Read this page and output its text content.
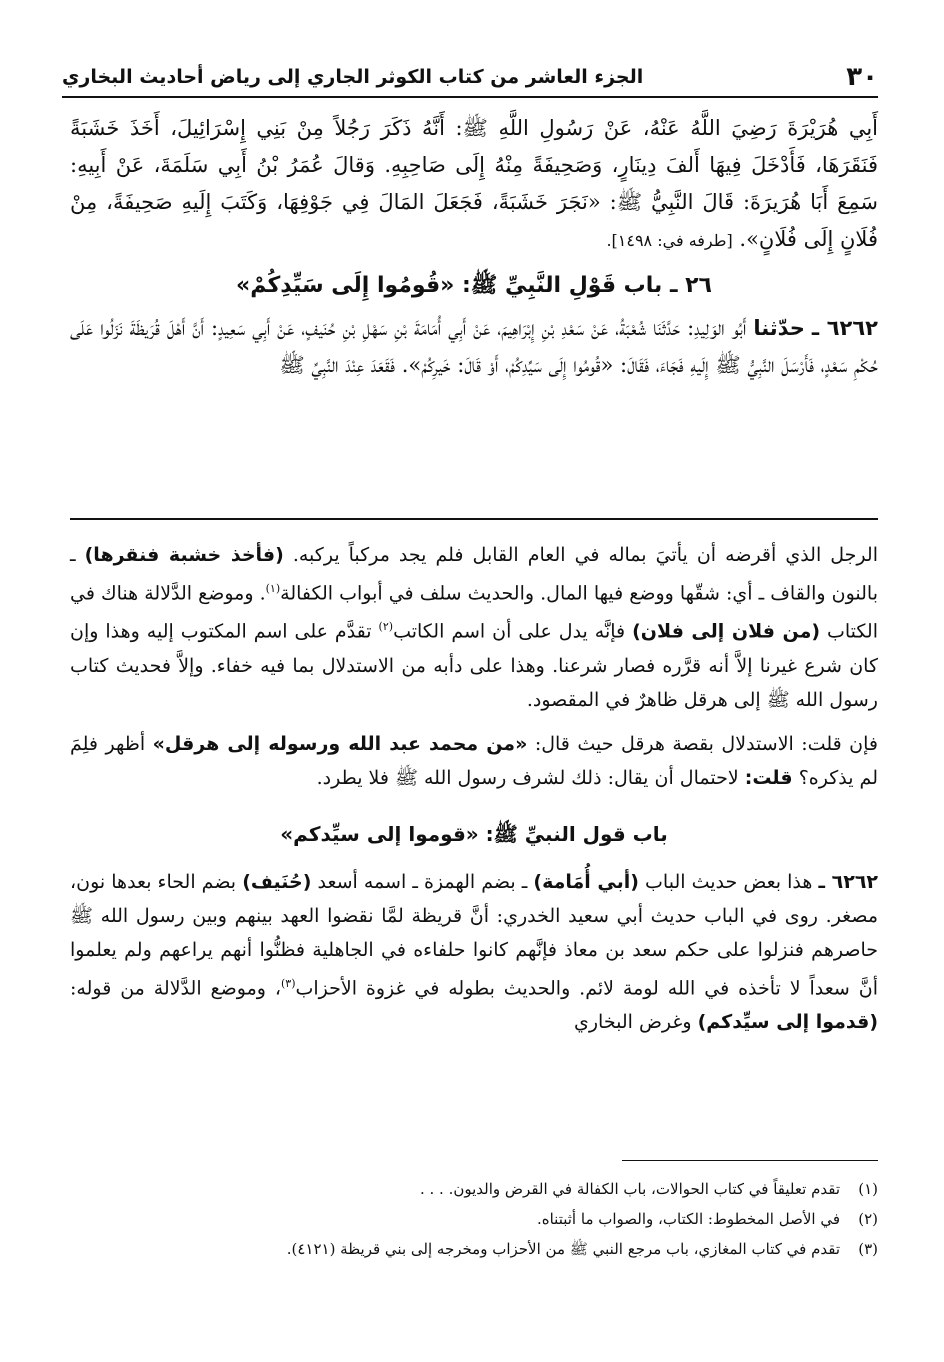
٣٠
الجزء العاشر من كتاب الكوثر الجاري إلى رياض أحاديث البخاري

أَبِي هُرَيْرَةَ رَضِيَ اللَّهُ عَنْهُ، عَنْ رَسُولِ اللَّهِ ﷺ: أَنَّهُ ذَكَرَ رَجُلاً مِنْ بَنِي إِسْرَائِيلَ، أَخَذَ خَشَبَةً فَنَقَرَهَا، فَأَدْخَلَ فِيهَا أَلفَ دِينَارٍ، وَصَحِيفَةً مِنْهُ إِلَى صَاحِبِهِ. وَقالَ عُمَرُ بْنُ أَبِي سَلَمَةَ، عَنْ أَبِيهِ: سَمِعَ أَبَا هُرَيرَةَ: قَالَ النَّبِيُّ ﷺ: «نَجَرَ خَشَبَةً، فَجَعَلَ المَالَ فِي جَوْفِهَا، وَكَتَبَ إِلَيهِ صَحِيفَةً، مِنْ فُلَانٍ إِلَى فُلَانٍ». [طرفه في: ١٤٩٨].

٢٦ ـ باب قَوْلِ النَّبِيِّ ﷺ: «قُومُوا إِلَى سَيِّدِكُمْ»

٦٢٦٢ ـ حدّثنا أَبُو الوَلِيدِ: حَدَّثَنَا شُعْبَةُ، عَنْ سَعْدِ بْنِ إِبْرَاهِيمَ، عَنْ أَبِي أُمَامَةَ بْنِ سَهْلِ بْنِ حُنَيفٍ، عَنْ أَبِي سَعِيدٍ: أَنَّ أَهْلَ قُرَيظَةَ نَزَلُوا عَلَى حُكْمِ سَعْدٍ، فَأَرْسَلَ النَّبِيُّ ﷺ إِلَيهِ فَجَاءَ، فَقَالَ: «قُومُوا إِلَى سَيِّدِكُمْ، أَوْ قَالَ: خَيرِكُمْ». فَقَعَدَ عِنْدَ النَّبِيِّ ﷺ

الرجل الذي أقرضه أن يأتيَ بماله في العام القابل فلم يجد مركباً يركبه. (فأخذ خشبة فنقرها) ـ بالنون والقاف ـ أي: شقّها ووضع فيها المال. والحديث سلف في أبواب الكفالة$^{(١)}$. وموضع الدَّلالة هناك في الكتاب (من فلان إلى فلان) فإنَّه يدل على أن اسم الكاتب$^{(٢)}$ تقدَّم على اسم المكتوب إليه وهذا وإن كان شرع غيرنا إلاَّ أنه قرَّره فصار شرعنا. وهذا على دأبه من الاستدلال بما فيه خفاء. وإلاَّ فحديث كتاب رسول الله ﷺ إلى هرقل ظاهرٌ في المقصود.

فإن قلت: الاستدلال بقصة هرقل حيث قال: «من محمد عبد الله ورسوله إلى هرقل» أظهر فلِمَ لم يذكره؟ قلت: لاحتمال أن يقال: ذلك لشرف رسول الله ﷺ فلا يطرد.

باب قول النبيِّ ﷺ: «قوموا إلى سيِّدكم»

٦٢٦٢ ـ هذا بعض حديث الباب (أبي أُمَامة) ـ بضم الهمزة ـ اسمه أسعد (حُنَيف) بضم الحاء بعدها نون، مصغر. روى في الباب حديث أبي سعيد الخدري: أنَّ قريظة لمَّا نقضوا العهد بينهم وبين رسول الله ﷺ حاصرهم فنزلوا على حكم سعد بن معاذ فإنَّهم كانوا حلفاءه في الجاهلية فظنُّوا أنهم يراعهم ولم يعلموا أنَّ سعداً لا تأخذه في الله لومة لائم. والحديث بطوله في غزوة الأحزاب$^{(٣)}$، وموضع الدَّلالة من قوله: (قدموا إلى سيِّدكم) وغرض البخاري

(١)
تقدم تعليقاً في كتاب الحوالات، باب الكفالة في القرض والديون. . . .
(٢)
في الأصل المخطوط: الكتاب، والصواب ما أثبتناه.
(٣)
تقدم في كتاب المغازي، باب مرجع النبي ﷺ من الأحزاب ومخرجه إلى بني قريظة (٤١٢١).
